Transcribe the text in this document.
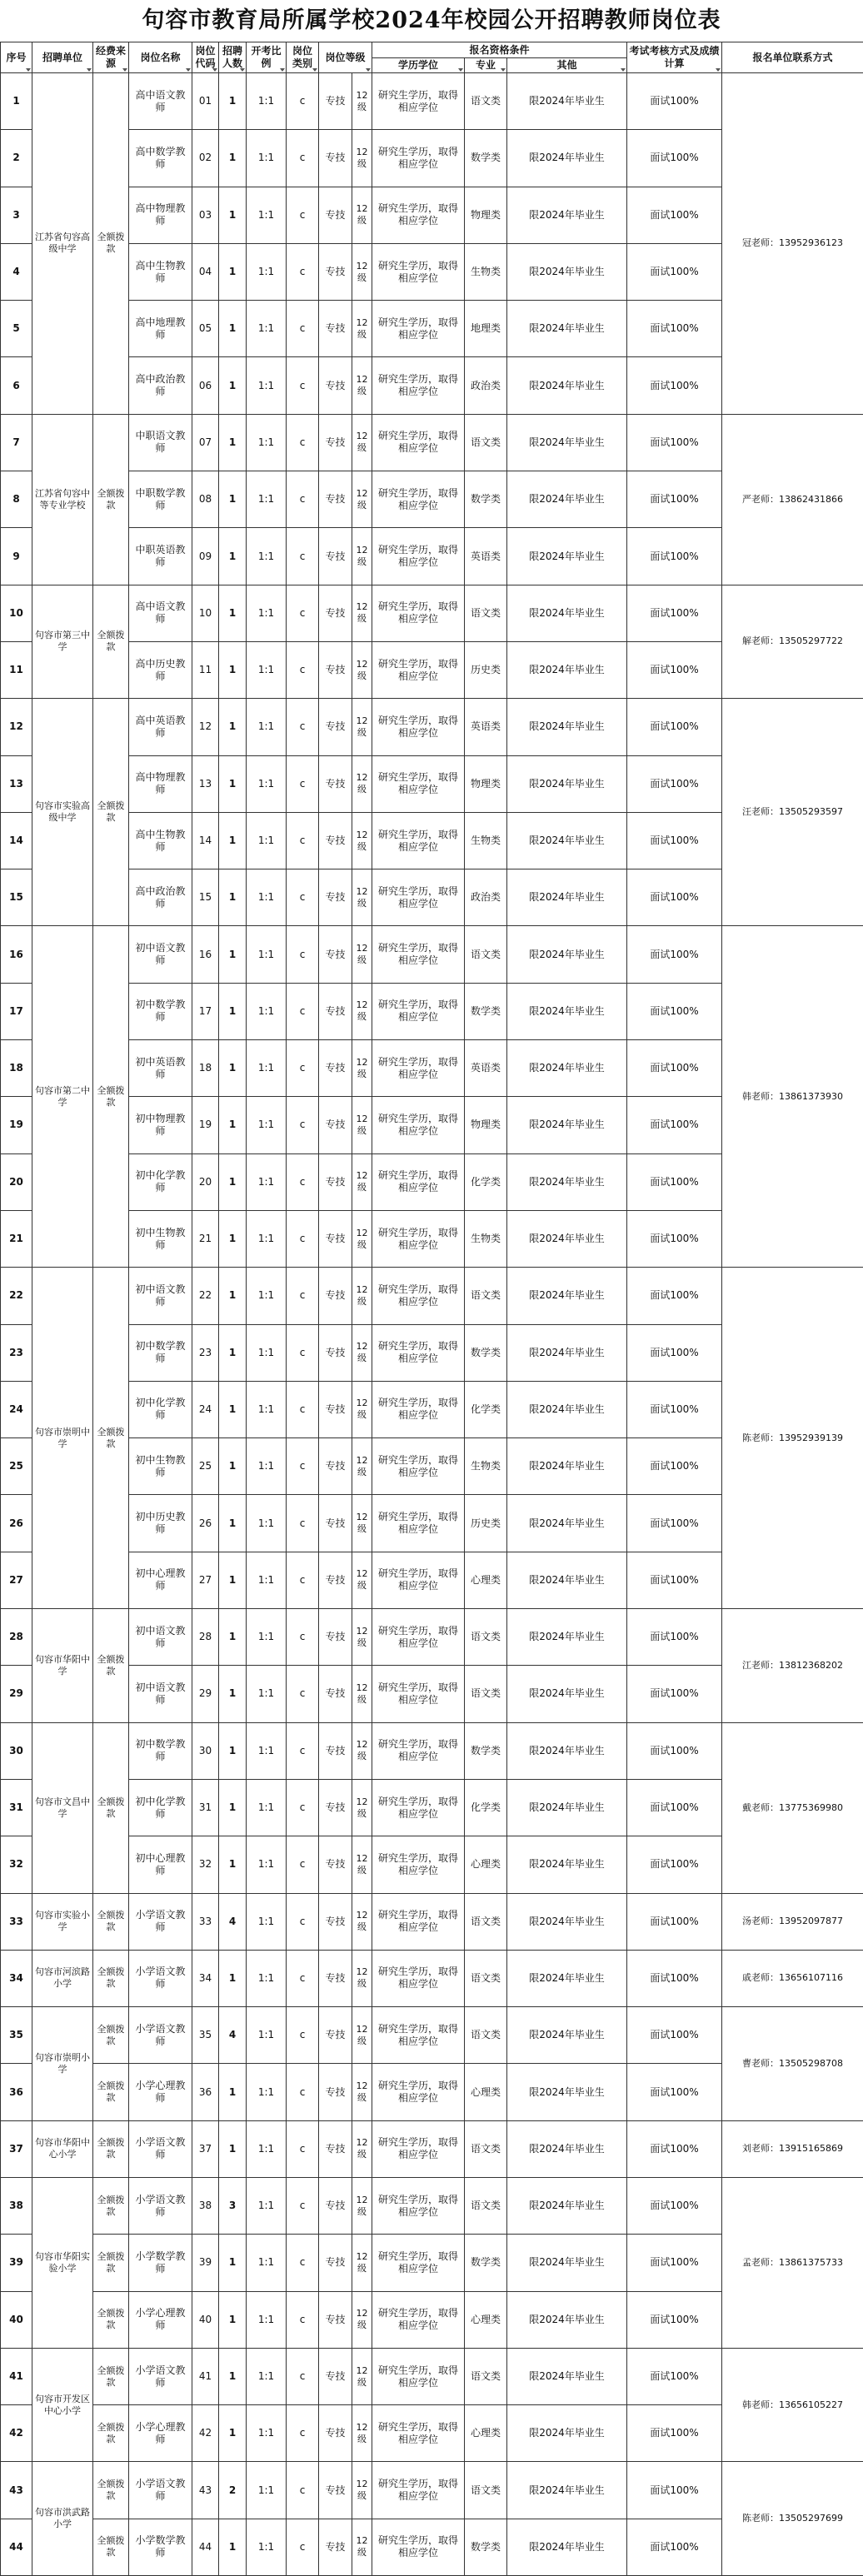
句容市教育局所属学校2024年校园公开招聘教师岗位表
序号	招聘单位	经费来源	岗位名称	岗位代码	招聘人数	开考比例	岗位类别	岗位等级		报名资格条件			考试考核方式及成绩计算	报名单位联系方式
										学历学位	专业	其他		

1	江苏省句容高级中学	全额拨款	高中语文教师	01	1	1:1	c	专技	12级	研究生学历，取得相应学位	语文类	限2024年毕业生	面试100%	冠老师：13952936123
2			高中数学教师	02	1	1:1	c	专技	12级	研究生学历，取得相应学位	数学类	限2024年毕业生	面试100%	
3			高中物理教师	03	1	1:1	c	专技	12级	研究生学历，取得相应学位	物理类	限2024年毕业生	面试100%	
4			高中生物教师	04	1	1:1	c	专技	12级	研究生学历，取得相应学位	生物类	限2024年毕业生	面试100%	
5			高中地理教师	05	1	1:1	c	专技	12级	研究生学历，取得相应学位	地理类	限2024年毕业生	面试100%	
6			高中政治教师	06	1	1:1	c	专技	12级	研究生学历，取得相应学位	政治类	限2024年毕业生	面试100%	
7	江苏省句容中等专业学校	全额拨款	中职语文教师	07	1	1:1	c	专技	12级	研究生学历，取得相应学位	语文类	限2024年毕业生	面试100%	严老师：13862431866
8			中职数学教师	08	1	1:1	c	专技	12级	研究生学历，取得相应学位	数学类	限2024年毕业生	面试100%	
9			中职英语教师	09	1	1:1	c	专技	12级	研究生学历，取得相应学位	英语类	限2024年毕业生	面试100%	
10	句容市第三中学	全额拨款	高中语文教师	10	1	1:1	c	专技	12级	研究生学历，取得相应学位	语文类	限2024年毕业生	面试100%	解老师：13505297722
11			高中历史教师	11	1	1:1	c	专技	12级	研究生学历，取得相应学位	历史类	限2024年毕业生	面试100%	
12	句容市实验高级中学	全额拨款	高中英语教师	12	1	1:1	c	专技	12级	研究生学历，取得相应学位	英语类	限2024年毕业生	面试100%	汪老师：13505293597
13			高中物理教师	13	1	1:1	c	专技	12级	研究生学历，取得相应学位	物理类	限2024年毕业生	面试100%	
14			高中生物教师	14	1	1:1	c	专技	12级	研究生学历，取得相应学位	生物类	限2024年毕业生	面试100%	
15			高中政治教师	15	1	1:1	c	专技	12级	研究生学历，取得相应学位	政治类	限2024年毕业生	面试100%	
16	句容市第二中学	全额拨款	初中语文教师	16	1	1:1	c	专技	12级	研究生学历，取得相应学位	语文类	限2024年毕业生	面试100%	韩老师：13861373930
17			初中数学教师	17	1	1:1	c	专技	12级	研究生学历，取得相应学位	数学类	限2024年毕业生	面试100%	
18			初中英语教师	18	1	1:1	c	专技	12级	研究生学历，取得相应学位	英语类	限2024年毕业生	面试100%	
19			初中物理教师	19	1	1:1	c	专技	12级	研究生学历，取得相应学位	物理类	限2024年毕业生	面试100%	
20			初中化学教师	20	1	1:1	c	专技	12级	研究生学历，取得相应学位	化学类	限2024年毕业生	面试100%	
21			初中生物教师	21	1	1:1	c	专技	12级	研究生学历，取得相应学位	生物类	限2024年毕业生	面试100%	
22	句容市崇明中学	全额拨款	初中语文教师	22	1	1:1	c	专技	12级	研究生学历，取得相应学位	语文类	限2024年毕业生	面试100%	陈老师：13952939139
23			初中数学教师	23	1	1:1	c	专技	12级	研究生学历，取得相应学位	数学类	限2024年毕业生	面试100%	
24			初中化学教师	24	1	1:1	c	专技	12级	研究生学历，取得相应学位	化学类	限2024年毕业生	面试100%	
25			初中生物教师	25	1	1:1	c	专技	12级	研究生学历，取得相应学位	生物类	限2024年毕业生	面试100%	
26			初中历史教师	26	1	1:1	c	专技	12级	研究生学历，取得相应学位	历史类	限2024年毕业生	面试100%	
27			初中心理教师	27	1	1:1	c	专技	12级	研究生学历，取得相应学位	心理类	限2024年毕业生	面试100%	
28	句容市华阳中学	全额拨款	初中语文教师	28	1	1:1	c	专技	12级	研究生学历，取得相应学位	语文类	限2024年毕业生	面试100%	江老师：13812368202
29			初中语文教师	29	1	1:1	c	专技	12级	研究生学历，取得相应学位	语文类	限2024年毕业生	面试100%	
30	句容市文昌中学	全额拨款	初中数学教师	30	1	1:1	c	专技	12级	研究生学历，取得相应学位	数学类	限2024年毕业生	面试100%	戴老师：13775369980
31			初中化学教师	31	1	1:1	c	专技	12级	研究生学历，取得相应学位	化学类	限2024年毕业生	面试100%	
32			初中心理教师	32	1	1:1	c	专技	12级	研究生学历，取得相应学位	心理类	限2024年毕业生	面试100%	
33	句容市实验小学	全额拨款	小学语文教师	33	4	1:1	c	专技	12级	研究生学历，取得相应学位	语文类	限2024年毕业生	面试100%	汤老师：13952097877
34	句容市河滨路小学	全额拨款	小学语文教师	34	1	1:1	c	专技	12级	研究生学历，取得相应学位	语文类	限2024年毕业生	面试100%	戚老师：13656107116
35	句容市崇明小学	全额拨款	小学语文教师	35	4	1:1	c	专技	12级	研究生学历，取得相应学位	语文类	限2024年毕业生	面试100%	曹老师：13505298708
36		全额拨款	小学心理教师	36	1	1:1	c	专技	12级	研究生学历，取得相应学位	心理类	限2024年毕业生	面试100%	
37	句容市华阳中心小学	全额拨款	小学语文教师	37	1	1:1	c	专技	12级	研究生学历，取得相应学位	语文类	限2024年毕业生	面试100%	刘老师：13915165869
38	句容市华阳实验小学	全额拨款	小学语文教师	38	3	1:1	c	专技	12级	研究生学历，取得相应学位	语文类	限2024年毕业生	面试100%	孟老师：13861375733
39		全额拨款	小学数学教师	39	1	1:1	c	专技	12级	研究生学历，取得相应学位	数学类	限2024年毕业生	面试100%	
40		全额拨款	小学心理教师	40	1	1:1	c	专技	12级	研究生学历，取得相应学位	心理类	限2024年毕业生	面试100%	
41	句容市开发区中心小学	全额拨款	小学语文教师	41	1	1:1	c	专技	12级	研究生学历，取得相应学位	语文类	限2024年毕业生	面试100%	韩老师：13656105227
42		全额拨款	小学心理教师	42	1	1:1	c	专技	12级	研究生学历，取得相应学位	心理类	限2024年毕业生	面试100%	
43	句容市洪武路小学	全额拨款	小学语文教师	43	2	1:1	c	专技	12级	研究生学历，取得相应学位	语文类	限2024年毕业生	面试100%	陈老师：13505297699
44		全额拨款	小学数学教师	44	1	1:1	c	专技	12级	研究生学历，取得相应学位	数学类	限2024年毕业生	面试100%	
